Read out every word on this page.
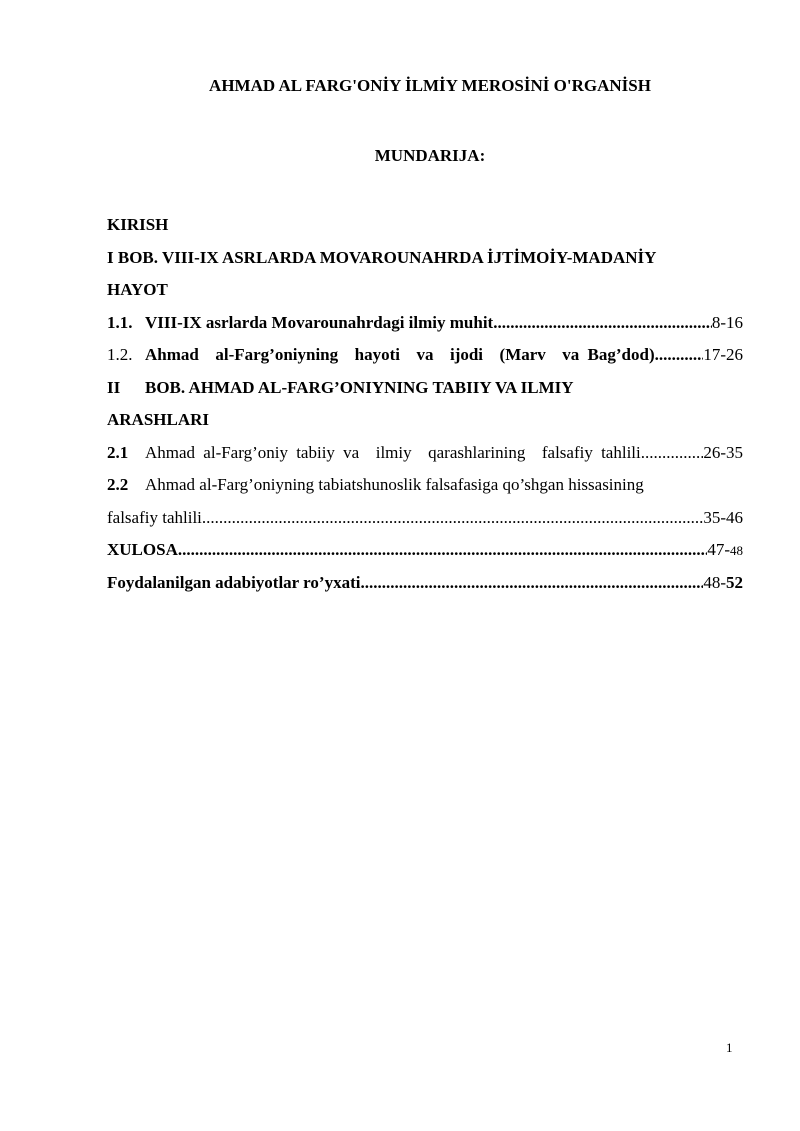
AHMAD AL FARG'ONİY İLMİY MEROSİNİ O'RGANİSH
MUNDARIJA:
KIRISH
I BOB. VIII-IX ASRLARDA MOVAROUNAHRDA İJTİMOİY-MADANİY
HAYOT
1.1. VIII-IX asrlarda Movarounahrdagi ilmiy muhit .....	8-16
1.2. Ahmad  al-Farg’oniyning  hayoti  va  ijodi  (Marv  va Bag’dod) .....	17-26
II	BOB. AHMAD AL-FARG’ONIYNING TABIIY VA ILMIY
ARASHLARI
2.1 Ahmad al-Farg’oniy tabiiy va  ilmiy  qarashlarining  falsafiy tahlili .....	26-35
2.2 Ahmad al-Farg’oniyning tabiatshunoslik falsafasiga qo’shgan hissasining
falsafiy tahlili .....	35-46
XULOSA .....	47- 48
Foydalanilgan adabiyotlar ro’yxati .....	48- 52
1
